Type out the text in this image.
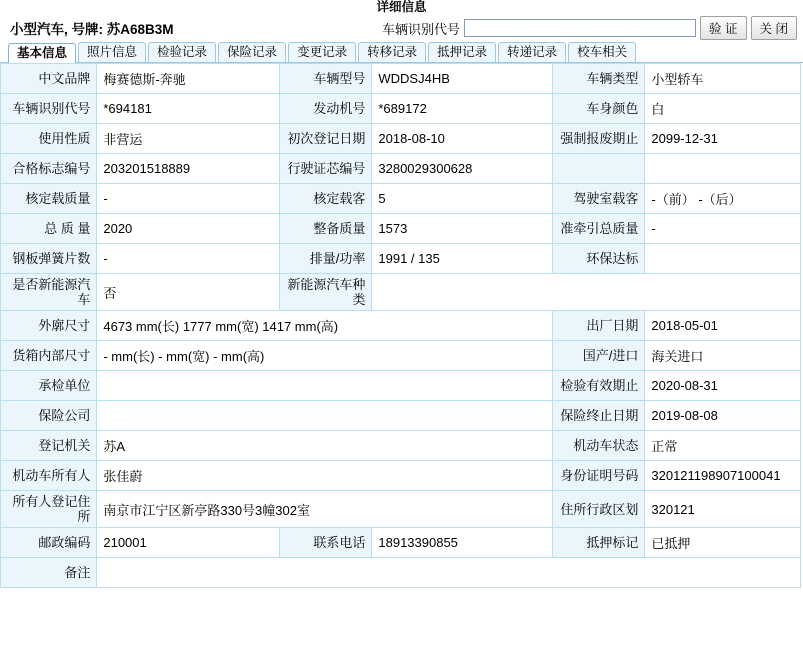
详细信息
小型汽车, 号牌: 苏A68B3M	车辆识别代号	验 证	关 闭
基本信息	照片信息	检验记录	保险记录	变更记录	转移记录	抵押记录	转递记录	校车相关
中文品牌	梅赛德斯-奔驰	车辆型号	WDDSJ4HB	车辆类型	小型轿车
车辆识别代号	*694181	发动机号	*689172	车身颜色	白
使用性质	非营运	初次登记日期	2018-08-10	强制报废期止	2099-12-31
合格标志编号	203201518889	行驶证芯编号	3280029300628		
核定载质量	-	核定载客	5	驾驶室载客	-（前） -（后）
总 质 量	2020	整备质量	1573	准牵引总质量	-
钢板弹簧片数	-	排量/功率	1991 / 135	环保达标	
是否新能源汽车	否	新能源汽车种类			
外廓尺寸	4673 mm(长) 1777 mm(宽) 1417 mm(高)			出厂日期	2018-05-01
货箱内部尺寸	- mm(长) - mm(宽) - mm(高)			国产/进口	海关进口
承检单位				检验有效期止	2020-08-31
保险公司				保险终止日期	2019-08-08
登记机关	苏A			机动车状态	正常
机动车所有人	张佳蔚			身份证明号码	320121198907100041
所有人登记住所	南京市江宁区新亭路330号3幢302室			住所行政区划	320121
邮政编码	210001	联系电话	18913390855	抵押标记	已抵押
备注					
